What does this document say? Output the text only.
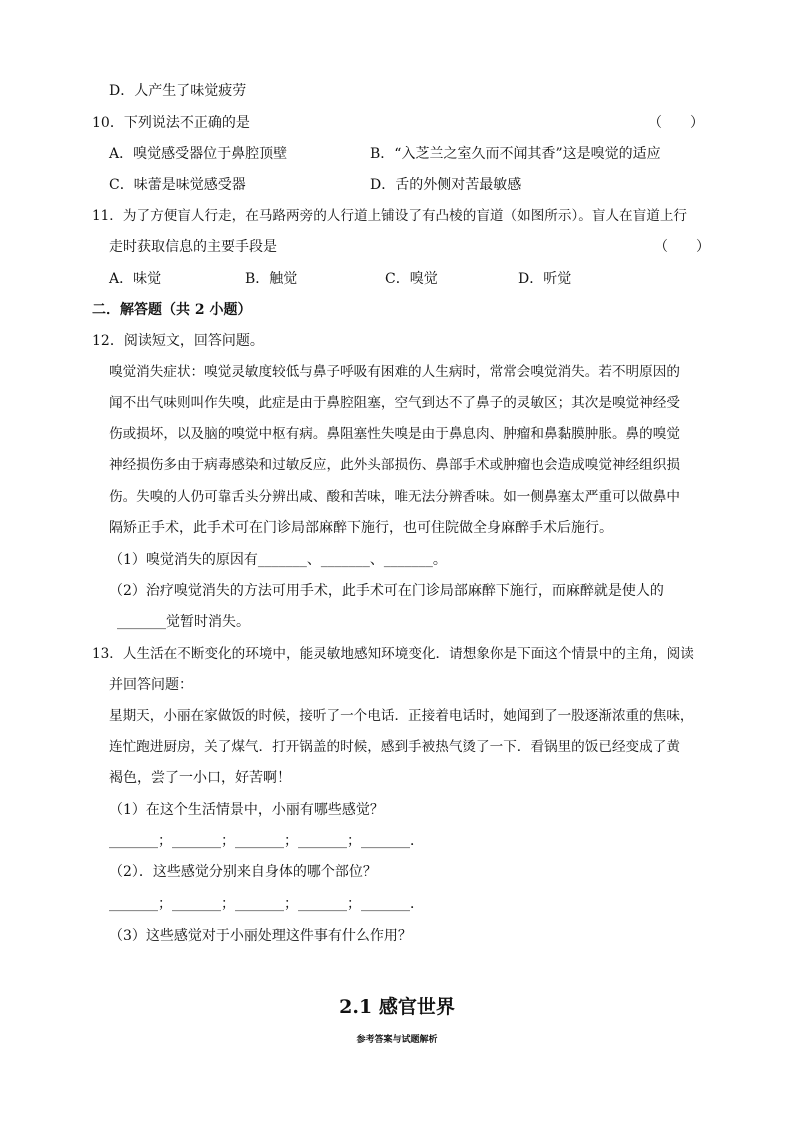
D．人产生了味觉疲劳
10．下列说法不正确的是	（　　）
A．嗅觉感受器位于鼻腔顶壁	B．“入芝兰之室久而不闻其香”这是嗅觉的适应
C．味蕾是味觉感受器	D．舌的外侧对苦最敏感
11．为了方便盲人行走，在马路两旁的人行道上铺设了有凸棱的盲道（如图所示）。盲人在盲道上行
走时获取信息的主要手段是	（　　）
A．味觉	B．触觉	C．嗅觉	D．听觉
二．解答题（共 2 小题）
12．阅读短文，回答问题。
嗅觉消失症状：嗅觉灵敏度较低与鼻子呼吸有困难的人生病时，常常会嗅觉消失。若不明原因的
闻不出气味则叫作失嗅，此症是由于鼻腔阻塞，空气到达不了鼻子的灵敏区；其次是嗅觉神经受
伤或损坏，以及脑的嗅觉中枢有病。鼻阻塞性失嗅是由于鼻息肉、肿瘤和鼻黏膜肿胀。鼻的嗅觉
神经损伤多由于病毒感染和过敏反应，此外头部损伤、鼻部手术或肿瘤也会造成嗅觉神经组织损
伤。失嗅的人仍可靠舌头分辨出咸、酸和苦味，唯无法分辨香味。如一侧鼻塞太严重可以做鼻中
隔矫正手术，此手术可在门诊局部麻醉下施行，也可住院做全身麻醉手术后施行。
（1）嗅觉消失的原因有_______、_______、_______。
（2）治疗嗅觉消失的方法可用手术，此手术可在门诊局部麻醉下施行，而麻醉就是使人的
_______觉暂时消失。
13．人生活在不断变化的环境中，能灵敏地感知环境变化．请想象你是下面这个情景中的主角，阅读
并回答问题：
星期天，小丽在家做饭的时候，接听了一个电话．正接着电话时，她闻到了一股逐渐浓重的焦味，
连忙跑进厨房，关了煤气．打开锅盖的时候，感到手被热气烫了一下．看锅里的饭已经变成了黄
褐色，尝了一小口，好苦啊！
（1）在这个生活情景中，小丽有哪些感觉？
_______；_______；_______；_______；_______．
（2）．这些感觉分别来自身体的哪个部位？
_______；_______；_______；_______；_______．
（3）这些感觉对于小丽处理这件事有什么作用？
2.1 感官世界
参考答案与试题解析
